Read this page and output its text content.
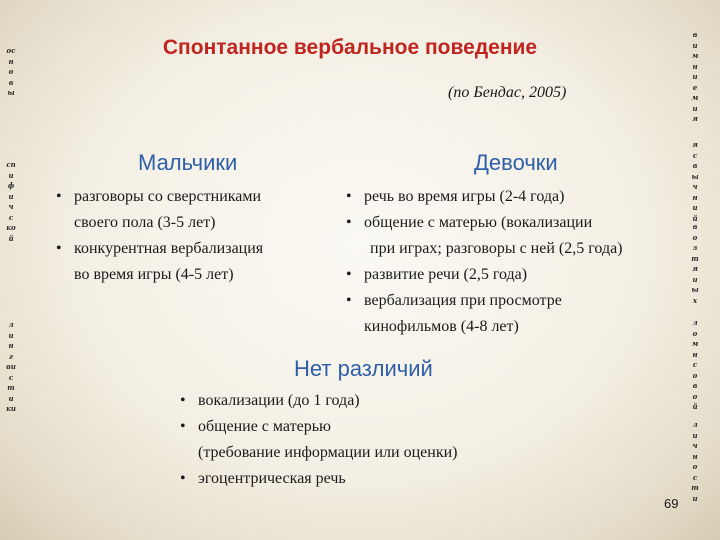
осн о в ы
спи ф и ч с ко й
лин г ви с т и ки
в и м н и е м и я
я с в ы ч н и й
в о з т я и ы х
л о м н с о в о й
л и ч н о с т и
Спонтанное вербальное поведение
(по Бендас, 2005)
Мальчики
• разговоры со сверстниками
своего пола (3-5 лет)
• конкурентная вербализация
во время игры (4-5 лет)
Девочки
• речь во время игры (2-4 года)
• общение с матерью (вокализации
при играх; разговоры с ней (2,5 года)
• развитие речи (2,5 года)
• вербализация при просмотре
кинофильмов (4-8 лет)
Нет различий
• вокализации (до 1 года)
• общение с матерью
(требование информации или оценки)
• эгоцентрическая речь
69
